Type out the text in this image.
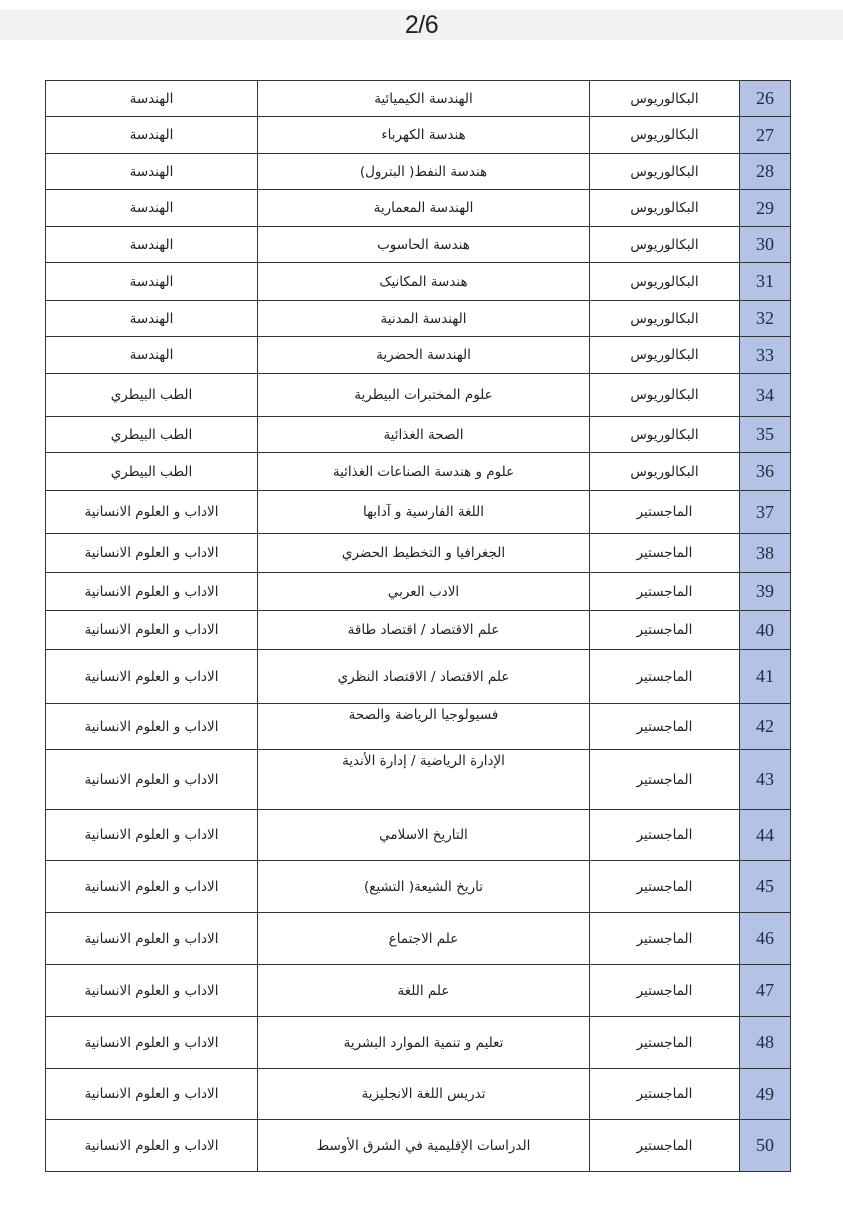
2/6
26	البكالوريوس	الهندسة الكيميائية	الهندسة
27	البكالوريوس	هندسة الكهرباء	الهندسة
28	البكالوريوس	هندسة النفط( البترول)	الهندسة
29	البكالوريوس	الهندسة المعمارية	الهندسة
30	البكالوريوس	هندسة الحاسوب	الهندسة
31	البكالوريوس	هندسة المكانيک	الهندسة
32	البكالوريوس	الهندسة المدنية	الهندسة
33	البكالوريوس	الهندسة الحضرية	الهندسة
34	البكالوريوس	علوم المختبرات البيطرية	الطب البيطري
35	البكالوريوس	الصحة الغذائية	الطب البيطري
36	البكالوريوس	علوم و هندسة الصناعات الغذائية	الطب البيطري
37	الماجستير	اللغة الفارسية و آدابها	الاداب و العلوم الانسانية
38	الماجستير	الجغرافيا و التخطيط الحضري	الاداب و العلوم الانسانية
39	الماجستير	الادب العربي	الاداب و العلوم الانسانية
40	الماجستير	علم الاقتصاد / اقتصاد طاقة	الاداب و العلوم الانسانية
41	الماجستير	علم الاقتصاد / الاقتصاد النظري	الاداب و العلوم الانسانية
42	الماجستير	فسيولوجيا الرياضة والصحة	الاداب و العلوم الانسانية
43	الماجستير	الإدارة الرياضية / إدارة الأندية	الاداب و العلوم الانسانية
44	الماجستير	التاريخ الاسلامي	الاداب و العلوم الانسانية
45	الماجستير	تاريخ الشيعة( التشيع)	الاداب و العلوم الانسانية
46	الماجستير	علم الاجتماع	الاداب و العلوم الانسانية
47	الماجستير	علم اللغة	الاداب و العلوم الانسانية
48	الماجستير	تعليم و تنمية الموارد البشرية	الاداب و العلوم الانسانية
49	الماجستير	تدريس اللغة الانجليزية	الاداب و العلوم الانسانية
50	الماجستير	الدراسات الإقليمية في الشرق الأوسط	الاداب و العلوم الانسانية
